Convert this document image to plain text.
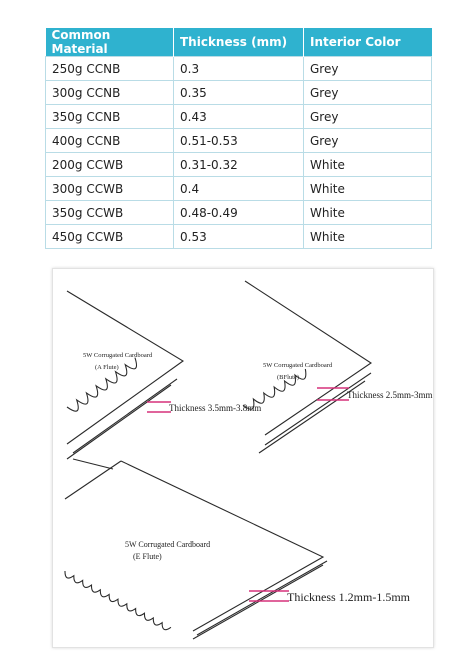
Common Material	Thickness (mm)	Interior Color
250g CCNB	0.3	Grey
300g CCNB	0.35	Grey
350g CCNB	0.43	Grey
400g CCNB	0.51-0.53	Grey
200g CCWB	0.31-0.32	White
300g CCWB	0.4	White
350g CCWB	0.48-0.49	White
450g CCWB	0.53	White
5W Corrugated Cardboard
(A Flute)
Thickness 3.5mm-3.8mm
5W Corrugated Cardboard
(BFlute)
Thickness 2.5mm-3mm
5W Corrugated Cardboard
(E Flute)
Thickness 1.2mm-1.5mm
